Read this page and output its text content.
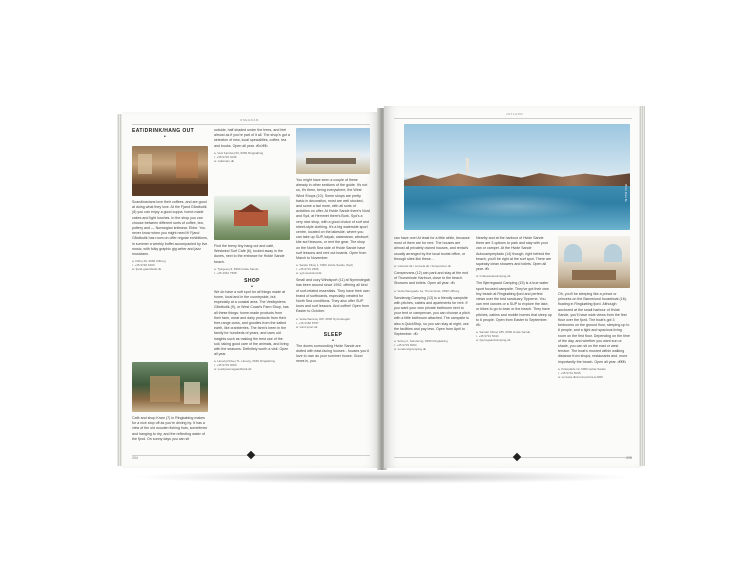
OSEGRAM
EAT/DRINK/HANG OUT
•

Scandinavians love their coffees, and are good at doing what they love. At the Fjand Gårdbutik (8) you can enjoy a good cuppa, home-made cakes and light lunches. In the shop you can choose between different sorts of coffee, tea, pottery and — Norwegian knitwear. Ebbe. You never know when you might need it! Fjand Gårdbutik has room on offer regular exhibitions, in summer a weekly buffet accompanied by live music, with folky graphic gig writer and jazz musicians.

a. Kilboj 49, 6960 Ulfborg
t. +45 9749 6400
w. fjand-gaardbutik.dk

Café and shop Kram (7) in Ringkøbing makes for a nice stop off as you're driving by. It has a view of the old wooden fishing huts, sometimes and hanging to dry, and the reflecting water of the fjord. On sunny days you can sit

outside, half shaded under the trees, and feel almost as if you're part of it all. The shop's got a selection of new, local specialities, coffee, tea and books. Open all year. •€•/•€€•

a. Vest Fjordvej 53, 6950 Ringkøbing
t. +45 9732 4046
w. cafekram.dk

Find the teeny tiny hang out and café, Westwind Surf Café (6), tucked away in the dunes, next to the entrance for Holde Sande beach.

a. Tjorgevej 9, 6960 Hvide Sande
t. +45 4061 7568
SHOP
•

We do have a soft spot for all things made at home, local and in the countryside, but especially at a coastal area. The Vestkystens Gårdbutik (9), or West Coast's Farm Shop, has all these things: home-made products from their farm, meat and dairy products from their free-range cows, and goodies from the salted earth, like cranberries. The farm's been in the family for hundreds of years, and uses old insights such as making the best use of the soil, taking good care of the animals, and living with the seasons. Definitely worth a visit. Open all year.

a. Houvig Klitvej 71, Houvig, 6960 Ringkøbing
t. +45 9733 0000
w. vestkystensgaardbutik.dk

You might have seen a couple of these already in other sections of the guide. It's not us, it's them, being everywhere, the West Wind Shops (10). Some shops are pretty basic in decoration, most are well stocked, and some a tad more, with all sorts of activities on offer. At Hvide Sande there's Nord and Syd, at Hemmet there's Bork. Syd's a very nice shop, with a good choice of surf and street-style clothing. It's a big waterside sport centre, located on the lakeside, where you can take up SUP, kayak, catamaran, windsurf, kite surf lessons, or rent the gear. The shop on the North Sea side of Hvide Sande have surf lessons and rent out boards. Open from March to November.

a. Sande Kilvej 1, 6960 Hvide Sande (Syd)
t. +45 9731 2666
w. syd.westwind.dk

Small and cozy Windsport (11) at Nymindegab has been around since 1992, offering all kind of surf-related essentials. They have their own brand of surfboards, especially created for North Sea conditions. They also offer SUP tours and surf lessons. And coffee! Open from Easter to October.

a. Vesterhavsvej 325, 6830 Nymindegab
t. +45 2182 8787
w. wind.sport.dk
SLEEP
•

The dunes surrounding Hvide Sande are dotted with east-facing houses - houses you'd love to own as your summer house. Good news is, you

204
JUTLAND
Photo: Klavs Bo

can have one! At least for a little while, because most of them are for rent. The houses are almost all privately owned houses, and rental's usually arranged by the local tourist office, or through sites like these...

w. visitvest.dk / sonvela.dk / feriepartner.dk

Campervans (12) can park and stay at the end of Thorsminde Harbour, close to the beach. Showers and toilets. Open all year. •€•

a. Vesterhavsgade 1a, Thorsminde, 6990 Ulfborg

Søndervig Camping (13) is a friendly campsite with pitches, cabins and apartments for rent. If you want your own private bathroom next to your tent or campervan, you can choose a pitch with a little bathroom attached. The campsite is also a QuickStop, so you can stay at night, use the facilities and pay less. Open from April to September. •€•

a. Solvej 2, Søndervig, 6950 Ringkøbing
t. +45 9733 9004
w. sondervigcamping.dk

Nearby and at the harbour of Hvide Sande there are 3 options to park and stay with your van or camper. At the Hvide Sande Autocamperplads (14) though, right behind the beach, you'll be right at the surf spot. There are squeaky clean showers and toilets. Open all year. •€•

w. hvidesandecamping.dk

The Bjerregaard Camping (15) is a true water sport focused campsite. They've got their own tiny beach at Ringkøbing fjord and perfect views over the bird sanctuary Tipperne. You can rent canoes or a SUP to explore the lake, or bikes to go to town or the beach. They have pitches, cabins and mobile homes that sleep up to 6 people. Open from Easter to September. •€•

a. Sønder Klitvej 185, 6960 Hvide Sande
t. +45 9731 5044
w. bjerregaardcamping.dk

Oh, you'll be sleeping like a prince or princess on the Bønnelund houseboat (16), floating in Ringkøbing fjord. Although anchored at the small harbour of Hvide Sande, you'll have wide views from the first floor over the fjord. The boat's got 3 bedrooms on the ground floor, sleeping up to 6 people, and a light and spacious living room on the first floor. Depending on the time of the day, and whether you want sun or shade, you can sit on the east or west terrace. The boat's moored within walking distance from shops, restaurants and, more importantly the beach. Open all year. •€€€•

a. Kirkeplads 12, 6960 Hvide Sande
t. +45 9731 5045
w. sonvela.dk/comment/ca-HJ269
205
